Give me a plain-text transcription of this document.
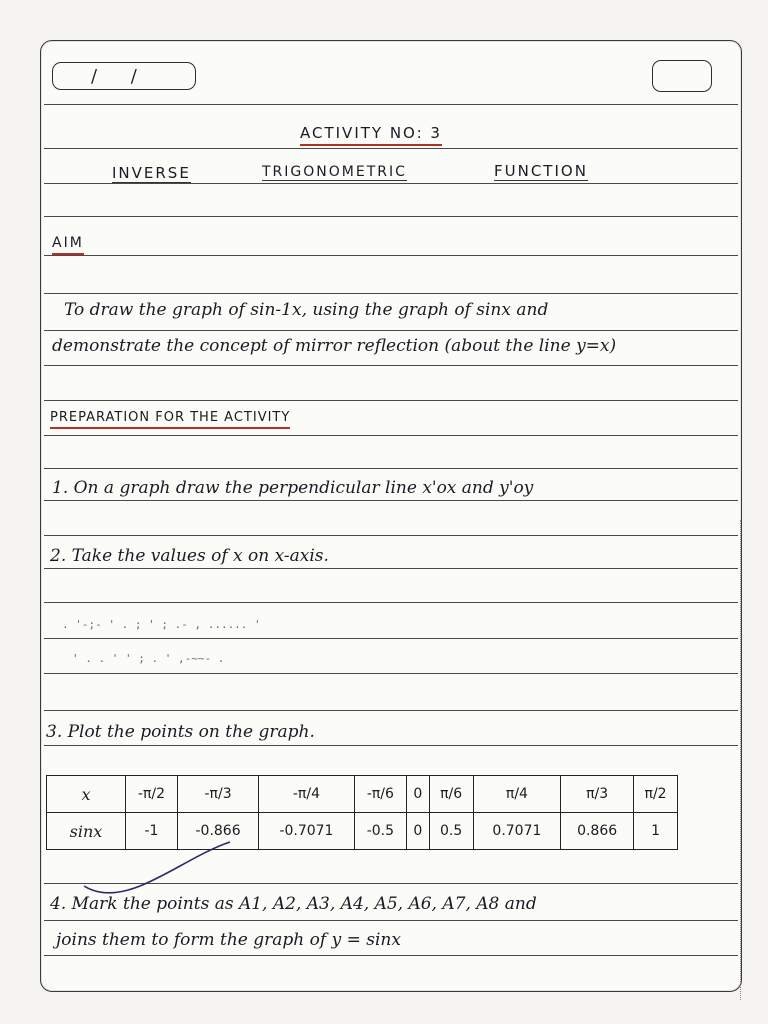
/ /
ACTIVITY NO: 3
INVERSE	TRIGONOMETRIC	FUNCTION
AIM
To draw the graph of sin-1x, using the graph of sinx and
demonstrate the concept of mirror reflection (about the line y=x)
PREPARATION FOR THE ACTIVITY
1. On a graph draw the perpendicular line x'ox and y'oy
2. Take the values of x on x-axis.
. '-;- ' . ; ' ; .- , ...... '
' . . ' ' ; . ' ,-~~- .
3. Plot the points on the graph.
x	-π/2	-π/3	-π/4	-π/6	0	π/6	π/4	π/3	π/2
sinx	-1	-0.866	-0.7071	-0.5	0	0.5	0.7071	0.866	1
4. Mark the points as A1, A2, A3, A4, A5, A6, A7, A8 and
joins them to form the graph of y = sinx
